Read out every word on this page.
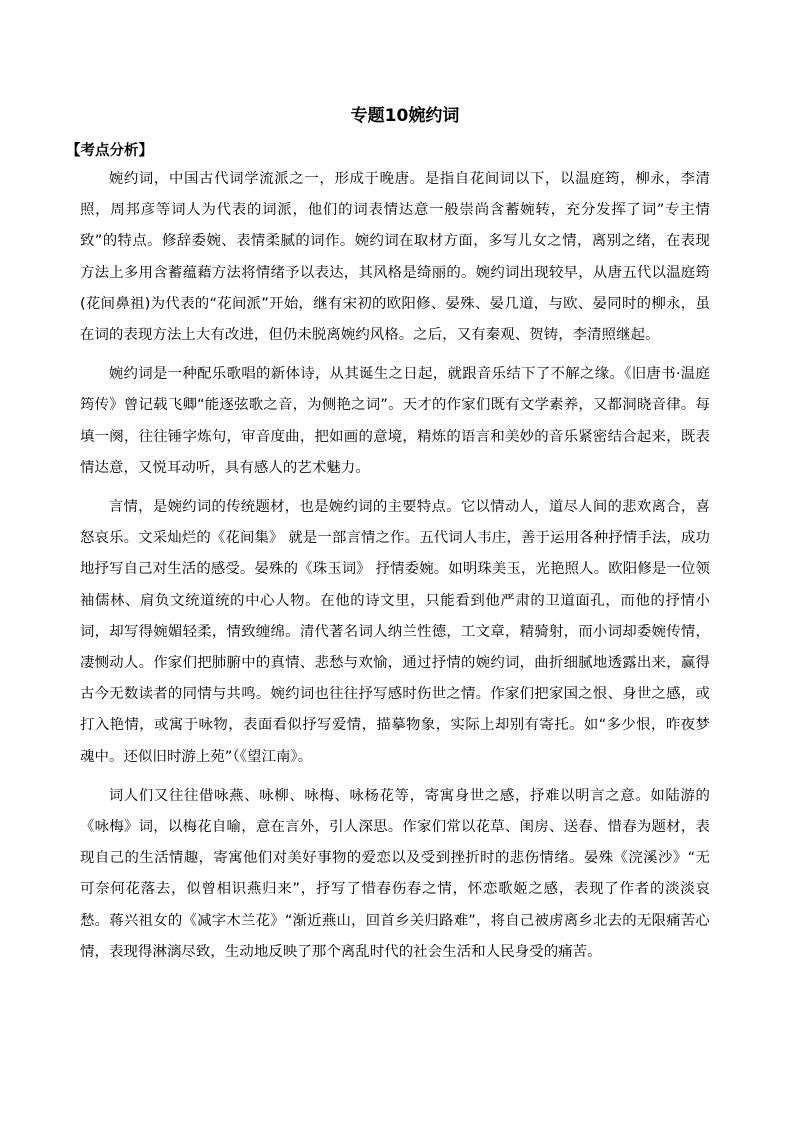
专题10婉约词
【考点分析】

婉约词，中国古代词学流派之一，形成于晚唐。是指自花间词以下，以温庭筠，柳永，李清照，周邦彦等词人为代表的词派，他们的词表情达意一般崇尚含蓄婉转，充分发挥了词”专主情致”的特点。修辞委婉、表情柔腻的词作。婉约词在取材方面，多写儿女之情，离别之绪，在表现方法上多用含蓄蕴藉方法将情绪予以表达，其风格是绮丽的。婉约词出现较早，从唐五代以温庭筠(花间鼻祖)为代表的“花间派”开始，继有宋初的欧阳修、晏殊、晏几道，与欧、晏同时的柳永，虽在词的表现方法上大有改进，但仍未脱离婉约风格。之后，又有秦观、贺铸，李清照继起。

婉约词是一种配乐歌唱的新体诗，从其诞生之日起，就跟音乐结下了不解之缘。《旧唐书·温庭筠传》曾记载飞卿“能逐弦歌之音，为侧艳之词”。天才的作家们既有文学素养，又都洞晓音律。每填一阕，往往锤字炼句，审音度曲，把如画的意境，精炼的语言和美妙的音乐紧密结合起来，既表情达意，又悦耳动听，具有感人的艺术魅力。

言情，是婉约词的传统题材，也是婉约词的主要特点。它以情动人，道尽人间的悲欢离合，喜怒哀乐。文采灿烂的《花间集》 就是一部言情之作。五代词人韦庄，善于运用各种抒情手法，成功地抒写自己对生活的感受。晏殊的《珠玉词》 抒情委婉。如明珠美玉，光艳照人。欧阳修是一位领袖儒林、肩负文统道统的中心人物。在他的诗文里，只能看到他严肃的卫道面孔，而他的抒情小词，却写得婉媚轻柔，情致缠绵。清代著名词人纳兰性德，工文章，精骑射，而小词却委婉传情，凄恻动人。作家们把肺腑中的真情、悲愁与欢愉，通过抒情的婉约词，曲折细腻地透露出来，赢得古今无数读者的同情与共鸣。婉约词也往往抒写感时伤世之情。作家们把家国之恨、身世之感，或打入艳情，或寓于咏物，表面看似抒写爱情，描摹物象，实际上却别有寄托。如“多少恨，昨夜梦魂中。还似旧时游上苑”（《望江南》。

词人们又往往借咏燕、咏柳、咏梅、咏杨花等，寄寓身世之感，抒难以明言之意。如陆游的《咏梅》词，以梅花自喻，意在言外，引人深思。作家们常以花草、闺房、送春、惜春为题材，表现自己的生活情趣，寄寓他们对美好事物的爱恋以及受到挫折时的悲伤情绪。晏殊《浣溪沙》“无可奈何花落去，似曾相识燕归来”，抒写了惜春伤春之情，怀恋歌姬之感，表现了作者的淡淡哀愁。蒋兴祖女的《减字木兰花》“渐近燕山，回首乡关归路难”，将自己被虏离乡北去的无限痛苦心情，表现得淋漓尽致，生动地反映了那个离乱时代的社会生活和人民身受的痛苦。
